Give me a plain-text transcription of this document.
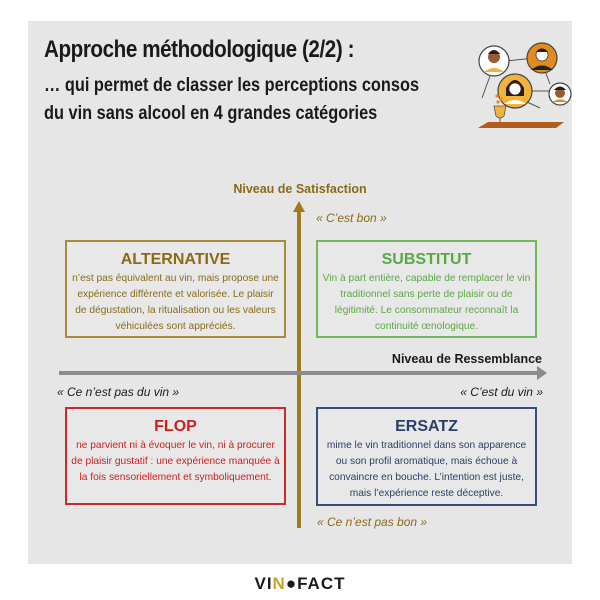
Approche méthodologique (2/2) :
… qui permet de classer les perceptions consos
du vin sans alcool en 4 grandes catégories
Niveau de Satisfaction
« C’est bon »
ALTERNATIVE
n’est pas équivalent au vin, mais propose une expérience différente et valorisée. Le plaisir de dégustation, la ritualisation ou les valeurs véhiculées sont appréciés.
SUBSTITUT
Vin à part entière, capable de remplacer le vin traditionnel sans perte de plaisir ou de légitimité. Le consommateur reconnaît la continuité œnologique.
Niveau de Ressemblance
« Ce n’est pas du vin »	« C’est du vin »
FLOP
ne parvient ni à évoquer le vin, ni à procurer de plaisir gustatif : une expérience manquée à la fois sensoriellement et symboliquement.
ERSATZ
mime le vin traditionnel dans son apparence ou son profil aromatique, mais échoue à convaincre en bouche. L’intention est juste, mais l’expérience reste déceptive.
« Ce n’est pas bon »
VIN●FACT
